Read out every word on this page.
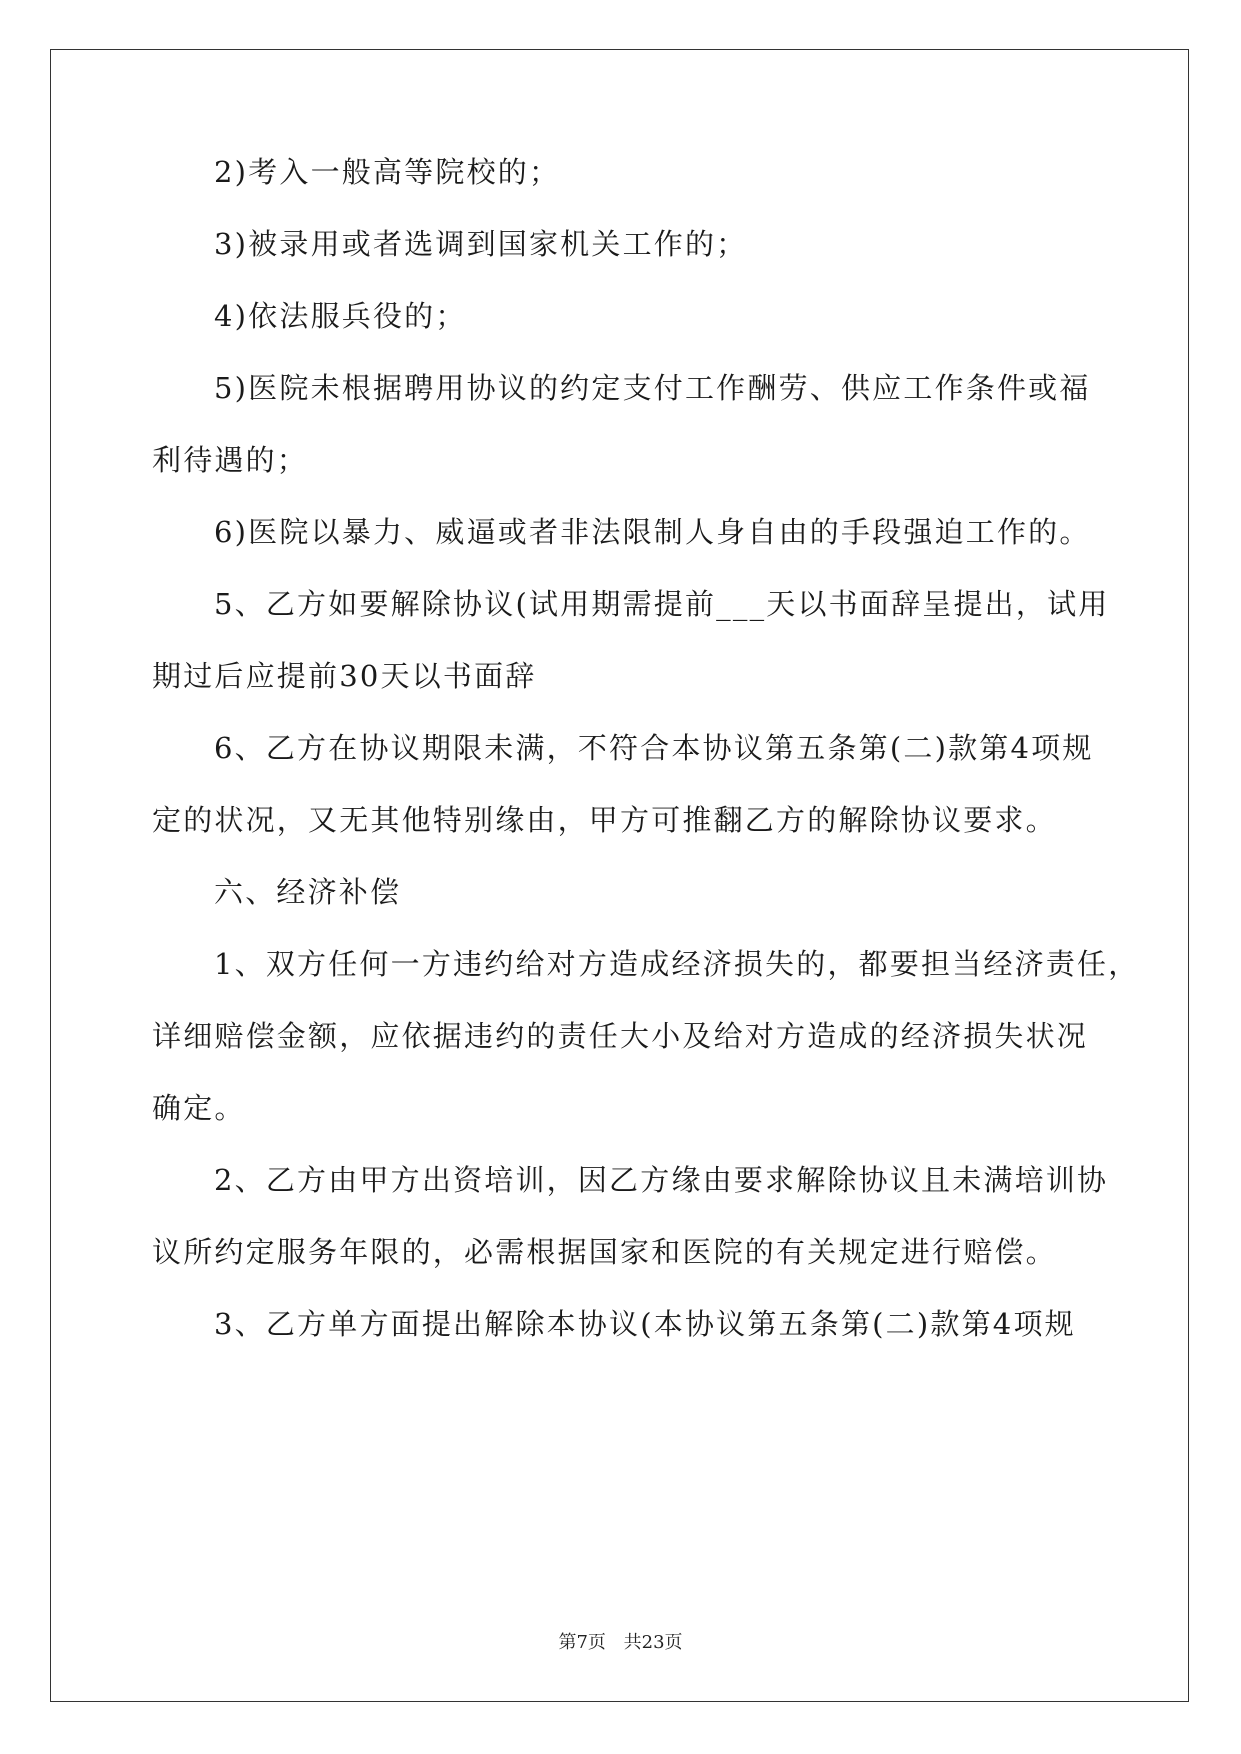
2)考入一般高等院校的；
3)被录用或者选调到国家机关工作的；
4)依法服兵役的；
5)医院未根据聘用协议的约定支付工作酬劳、供应工作条件或福
利待遇的；
6)医院以暴力、威逼或者非法限制人身自由的手段强迫工作的。
5、乙方如要解除协议(试用期需提前___天以书面辞呈提出，试用
期过后应提前30天以书面辞
6、乙方在协议期限未满，不符合本协议第五条第(二)款第4项规
定的状况，又无其他特别缘由，甲方可推翻乙方的解除协议要求。
六、经济补偿
1、双方任何一方违约给对方造成经济损失的，都要担当经济责任，
详细赔偿金额，应依据违约的责任大小及给对方造成的经济损失状况
确定。
2、乙方由甲方出资培训，因乙方缘由要求解除协议且未满培训协
议所约定服务年限的，必需根据国家和医院的有关规定进行赔偿。
3、乙方单方面提出解除本协议(本协议第五条第(二)款第4项规
第7页 共23页
